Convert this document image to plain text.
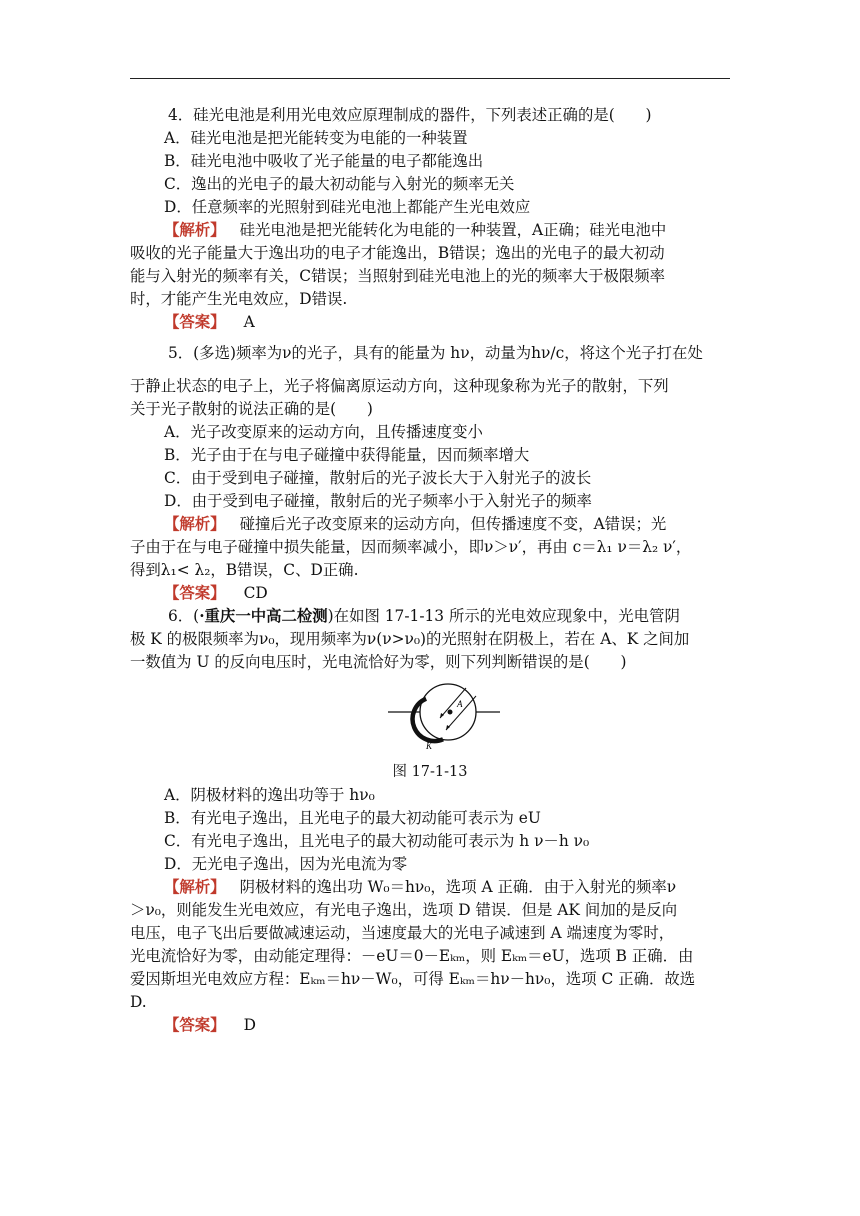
4．硅光电池是利用光电效应原理制成的器件，下列表述正确的是(　　)
A．硅光电池是把光能转变为电能的一种装置
B．硅光电池中吸收了光子能量的电子都能逸出
C．逸出的光电子的最大初动能与入射光的频率无关
D．任意频率的光照射到硅光电池上都能产生光电效应
【解析】 硅光电池是把光能转化为电能的一种装置，A正确；硅光电池中
吸收的光子能量大于逸出功的电子才能逸出，B错误；逸出的光电子的最大初动
能与入射光的频率有关，C错误；当照射到硅光电池上的光的频率大于极限频率
时，才能产生光电效应，D错误.
【答案】 A
5．(多选)频率为ν的光子，具有的能量为 hν，动量为hν/c，将这个光子打在处
于静止状态的电子上，光子将偏离原运动方向，这种现象称为光子的散射，下列
关于光子散射的说法正确的是(　　)
A．光子改变原来的运动方向，且传播速度变小
B．光子由于在与电子碰撞中获得能量，因而频率增大
C．由于受到电子碰撞，散射后的光子波长大于入射光子的波长
D．由于受到电子碰撞，散射后的光子频率小于入射光子的频率
【解析】 碰撞后光子改变原来的运动方向，但传播速度不变，A错误；光
子由于在与电子碰撞中损失能量，因而频率减小，即ν＞ν′，再由 c＝λ₁ ν＝λ₂ ν′，
得到λ₁< λ₂，B错误，C、D正确.
【答案】 CD
6．(·重庆一中高二检测)在如图 17-1-13 所示的光电效应现象中，光电管阴
极 K 的极限频率为ν₀，现用频率为ν(ν>ν₀)的光照射在阴极上，若在 A、K 之间加
一数值为 U 的反向电压时，光电流恰好为零，则下列判断错误的是(　　)
A
K
图 17-1-13
A．阴极材料的逸出功等于 hν₀
B．有光电子逸出，且光电子的最大初动能可表示为 eU
C．有光电子逸出，且光电子的最大初动能可表示为 h ν－h ν₀
D．无光电子逸出，因为光电流为零
【解析】 阴极材料的逸出功 W₀＝hν₀，选项 A 正确．由于入射光的频率ν
＞ν₀，则能发生光电效应，有光电子逸出，选项 D 错误．但是 AK 间加的是反向
电压，电子飞出后要做减速运动，当速度最大的光电子减速到 A 端速度为零时，
光电流恰好为零，由动能定理得：－eU＝0－Eₖₘ，则 Eₖₘ＝eU，选项 B 正确．由
爱因斯坦光电效应方程：Eₖₘ＝hν－W₀，可得 Eₖₘ＝hν－hν₀，选项 C 正确．故选
D.
【答案】 D
